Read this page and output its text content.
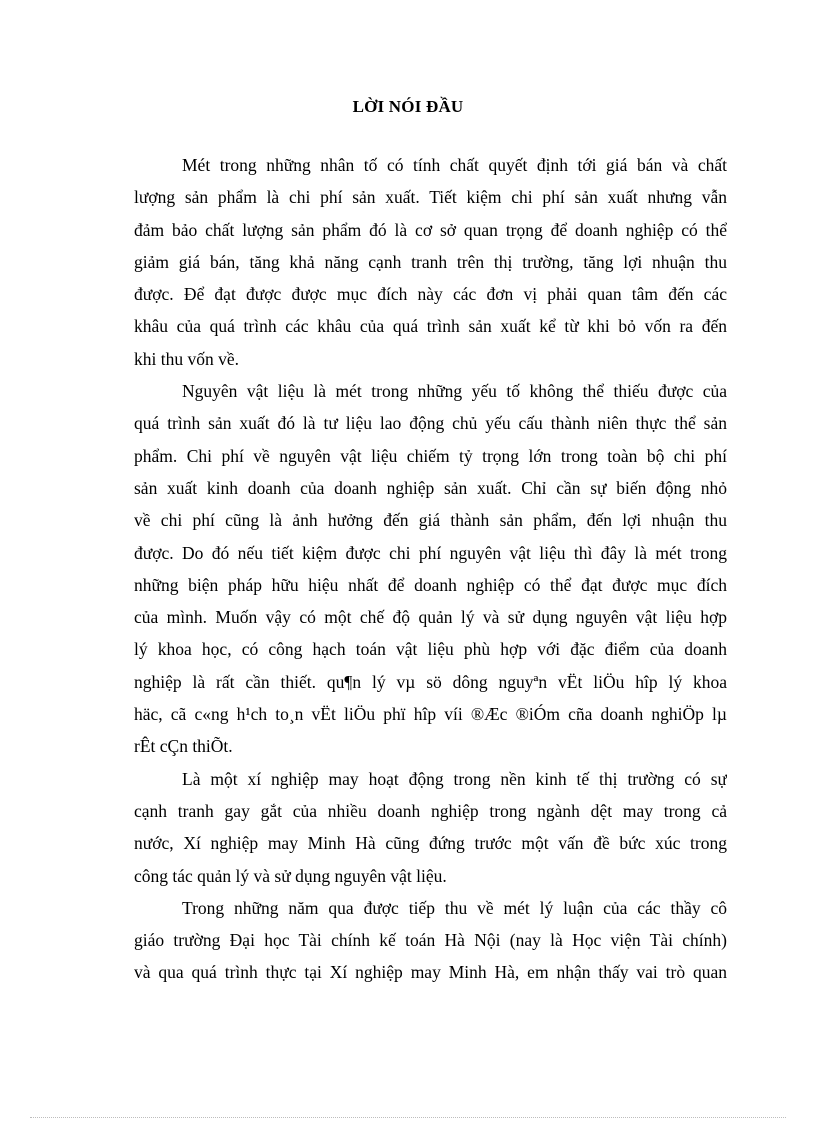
LỜI NÓI ĐẦU
Mét trong những nhân tố có tính chất quyết định tới giá bán và chất
lượng sản phẩm là chi phí sản xuất. Tiết kiệm chi phí sản xuất nhưng vẫn
đảm bảo chất lượng sản phẩm đó là cơ sở quan trọng để doanh nghiệp có thể
giảm giá bán, tăng khả năng cạnh tranh trên thị trường, tăng lợi nhuận thu
được. Để đạt được được mục đích này các đơn vị phải quan tâm đến các
khâu của quá trình các khâu của quá trình sản xuất kể từ khi bỏ vốn ra đến
khi thu vốn về.
Nguyên vật liệu là mét trong những yếu tố không thể thiếu được của
quá trình sản xuất đó là tư liệu lao động chủ yếu cấu thành niên thực thể sản
phẩm. Chi phí về nguyên vật liệu chiếm tỷ trọng lớn trong toàn bộ chi phí
sản xuất kinh doanh của doanh nghiệp sản xuất. Chỉ cần sự biến động nhỏ
về chi phí cũng là ảnh hưởng đến giá thành sản phẩm, đến lợi nhuận thu
được. Do đó nếu tiết kiệm được chi phí nguyên vật liệu thì đây là mét trong
những biện pháp hữu hiệu nhất để doanh nghiệp có thể đạt được mục đích
của mình. Muốn vậy có một chế độ quản lý và sử dụng nguyên vật liệu hợp
lý khoa học, có công hạch toán vật liệu phù hợp với đặc điểm của doanh
nghiệp là rất cần thiết. qu¶n lý vµ sö dông nguyªn vËt liÖu hîp lý khoa
häc, cã c«ng h¹ch to¸n vËt liÖu phï hîp víi ®Æc ®iÓm cña doanh nghiÖp lµ
rÊt cÇn thiÕt.
Là một xí nghiệp may hoạt động trong nền kinh tế thị trường có sự
cạnh tranh gay gắt của nhiều doanh nghiệp trong ngành dệt may trong cả
nước, Xí nghiệp may Minh Hà cũng đứng trước một vấn đề bức xúc trong
công tác quản lý và sử dụng nguyên vật liệu.
Trong những năm qua được tiếp thu về mét lý luận của các thầy cô
giáo trường Đại học Tài chính kế toán Hà Nội (nay là Học viện Tài chính)
và qua quá trình thực tại Xí nghiệp may Minh Hà, em nhận thấy vai trò quan
